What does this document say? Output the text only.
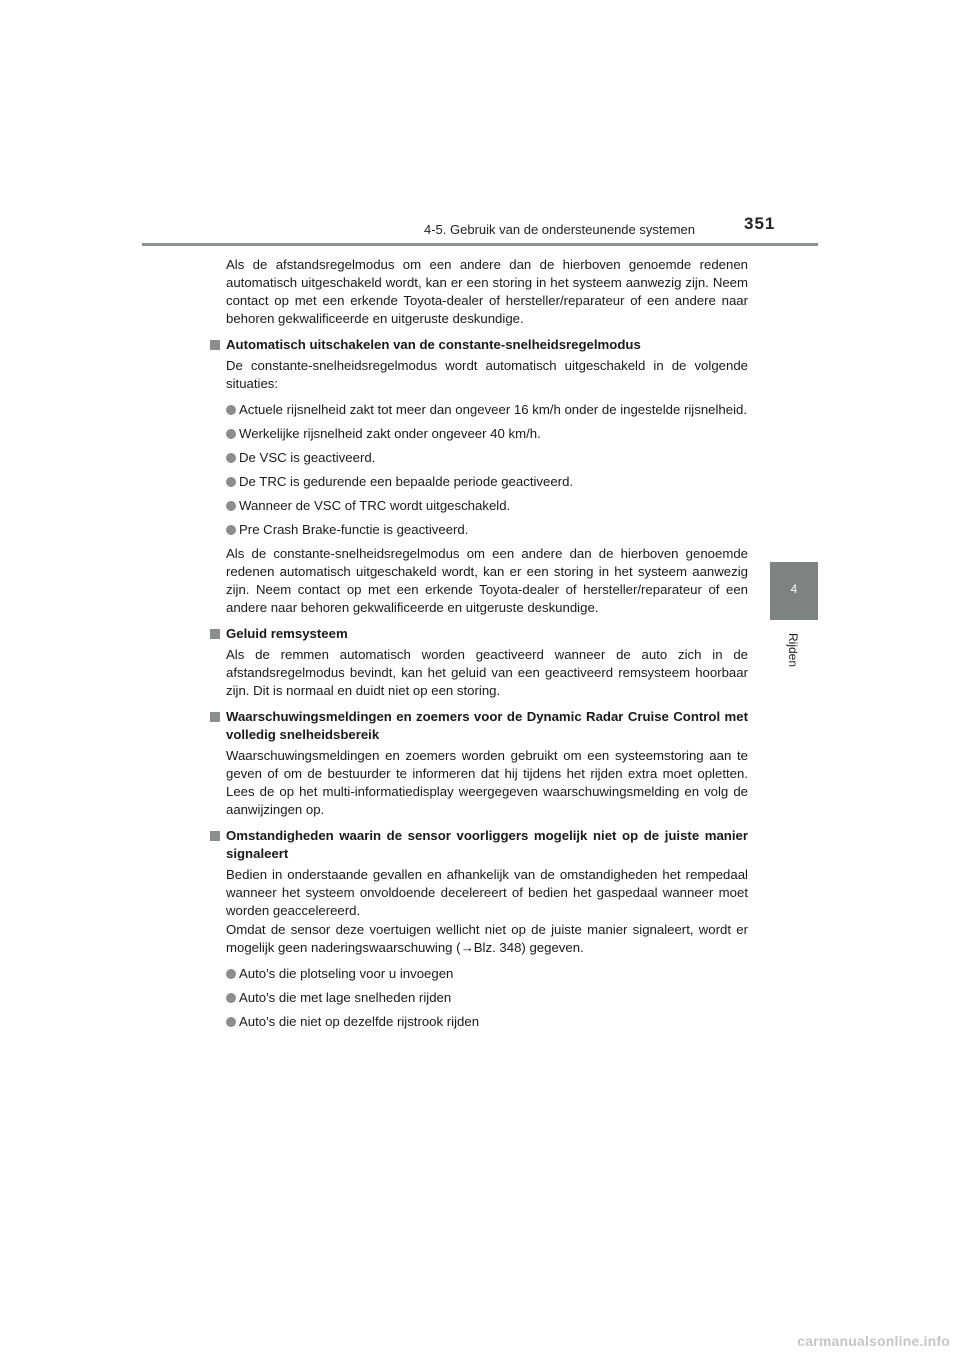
4-5. Gebruik van de ondersteunende systemen	351
4
Rijden

Als de afstandsregelmodus om een andere dan de hierboven genoemde redenen automatisch uitgeschakeld wordt, kan er een storing in het systeem aanwezig zijn. Neem contact op met een erkende Toyota-dealer of hersteller/reparateur of een andere naar behoren gekwalificeerde en uitgeruste deskundige.

Automatisch uitschakelen van de constante-snelheidsregelmodus

De constante-snelheidsregelmodus wordt automatisch uitgeschakeld in de volgende situaties:

Actuele rijsnelheid zakt tot meer dan ongeveer 16 km/h onder de ingestelde rijsnelheid.
Werkelijke rijsnelheid zakt onder ongeveer 40 km/h.
De VSC is geactiveerd.
De TRC is gedurende een bepaalde periode geactiveerd.
Wanneer de VSC of TRC wordt uitgeschakeld.
Pre Crash Brake-functie is geactiveerd.

Als de constante-snelheidsregelmodus om een andere dan de hierboven genoemde redenen automatisch uitgeschakeld wordt, kan er een storing in het systeem aanwezig zijn. Neem contact op met een erkende Toyota-dealer of hersteller/reparateur of een andere naar behoren gekwalificeerde en uitgeruste deskundige.

Geluid remsysteem

Als de remmen automatisch worden geactiveerd wanneer de auto zich in de afstandsregelmodus bevindt, kan het geluid van een geactiveerd remsysteem hoorbaar zijn. Dit is normaal en duidt niet op een storing.

Waarschuwingsmeldingen en zoemers voor de Dynamic Radar Cruise Control met volledig snelheidsbereik

Waarschuwingsmeldingen en zoemers worden gebruikt om een systeemstoring aan te geven of om de bestuurder te informeren dat hij tijdens het rijden extra moet opletten. Lees de op het multi-informatiedisplay weergegeven waarschuwingsmelding en volg de aanwijzingen op.

Omstandigheden waarin de sensor voorliggers mogelijk niet op de juiste manier signaleert

Bedien in onderstaande gevallen en afhankelijk van de omstandigheden het rempedaal wanneer het systeem onvoldoende decelereert of bedien het gaspedaal wanneer moet worden geaccelereerd.

Omdat de sensor deze voertuigen wellicht niet op de juiste manier signaleert, wordt er mogelijk geen naderingswaarschuwing (→Blz. 348) gegeven.

Auto's die plotseling voor u invoegen
Auto's die met lage snelheden rijden
Auto's die niet op dezelfde rijstrook rijden
carmanualsonline.info
